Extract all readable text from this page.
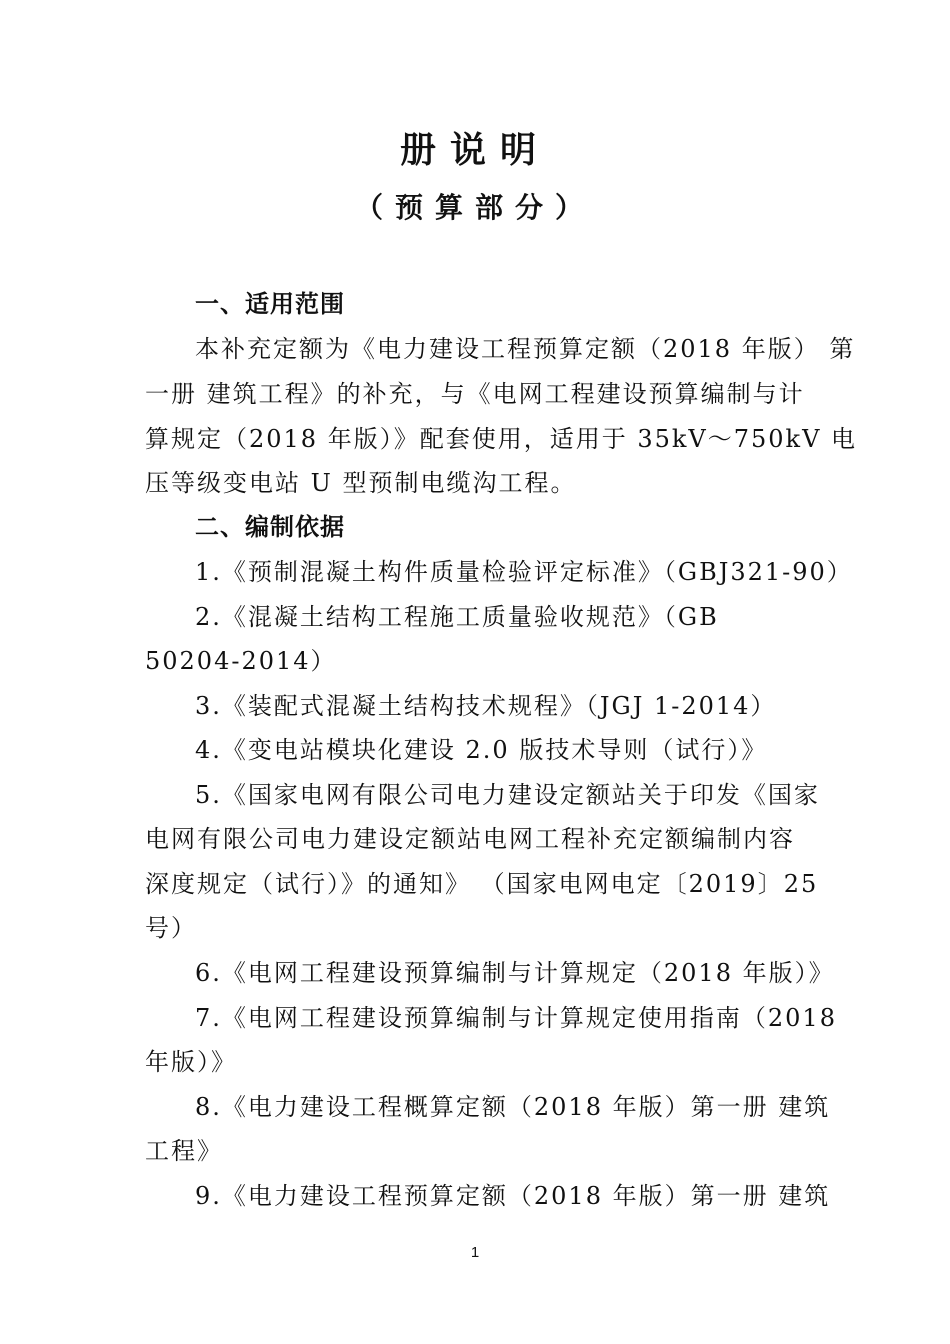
册说明
（预算部分）
一、适用范围
本补充定额为《电力建设工程预算定额（2018 年版） 第
一册 建筑工程》的补充，与《电网工程建设预算编制与计
算规定（2018 年版）》配套使用，适用于 35kV～750kV 电
压等级变电站 U 型预制电缆沟工程。
二、编制依据
1.《预制混凝土构件质量检验评定标准》（GBJ321-90）
2.《混凝土结构工程施工质量验收规范》（GB
50204-2014）
3.《装配式混凝土结构技术规程》（JGJ 1-2014）
4.《变电站模块化建设 2.0 版技术导则（试行）》
5.《国家电网有限公司电力建设定额站关于印发《国家
电网有限公司电力建设定额站电网工程补充定额编制内容
深度规定（试行）》的通知》 （国家电网电定〔2019〕25
号）
6.《电网工程建设预算编制与计算规定（2018 年版）》
7.《电网工程建设预算编制与计算规定使用指南（2018
年版）》
8.《电力建设工程概算定额（2018 年版）第一册 建筑
工程》
9.《电力建设工程预算定额（2018 年版）第一册 建筑
1
